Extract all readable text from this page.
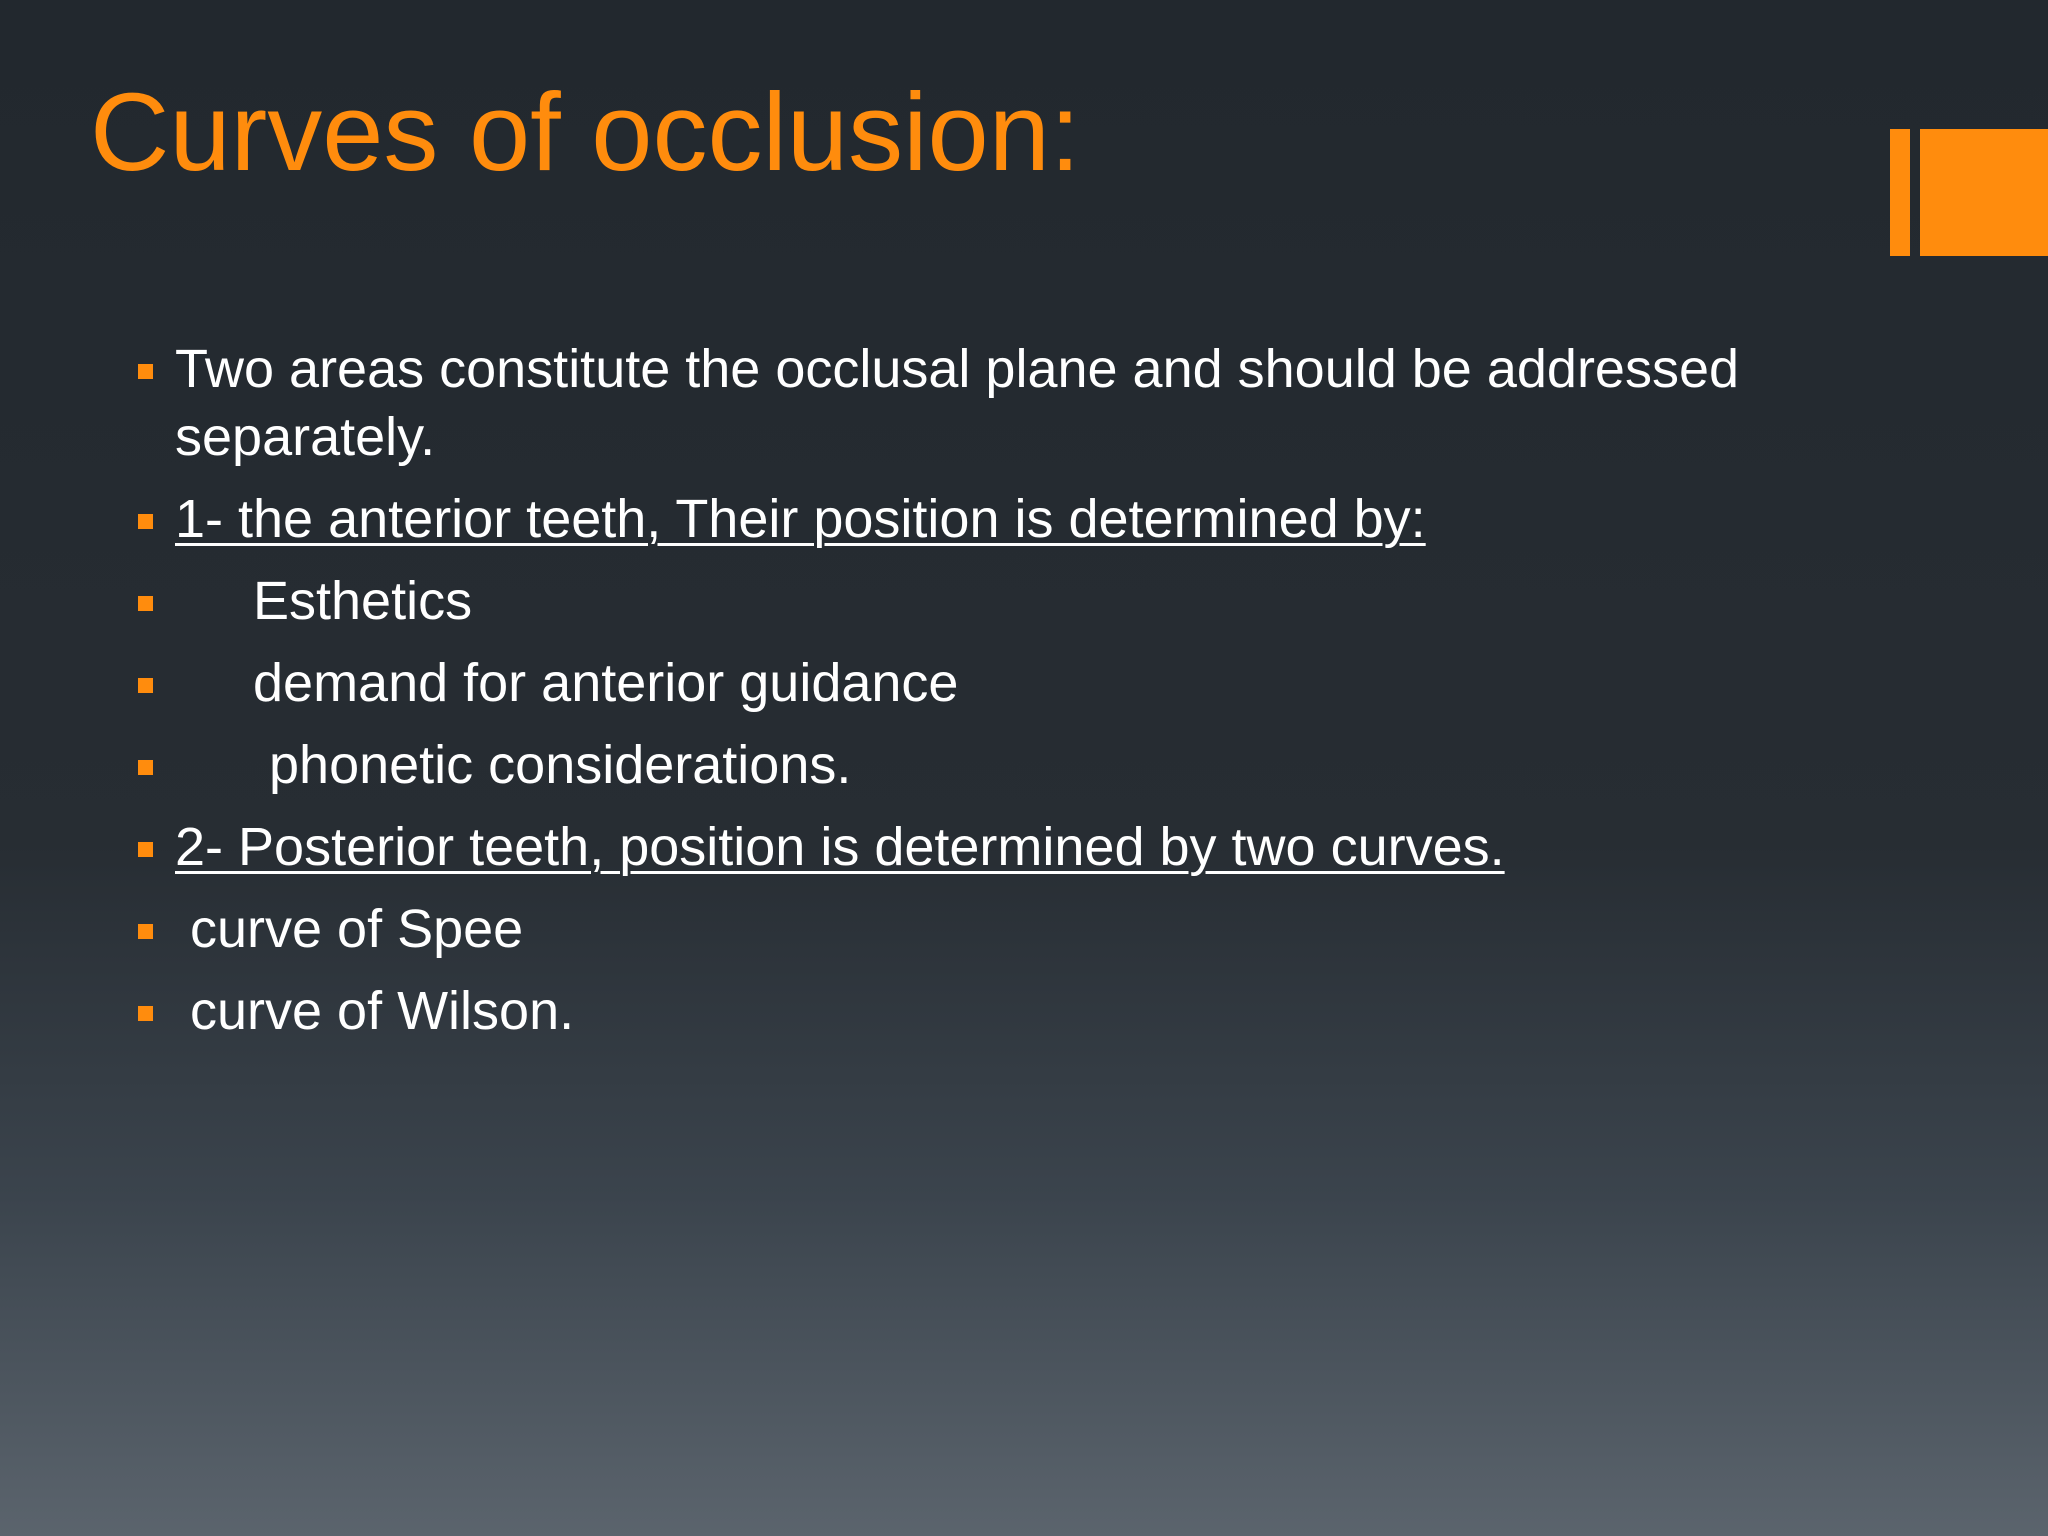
Curves of occlusion:
Two areas constitute the occlusal plane and should be addressed separately.
1- the anterior teeth, Their position is determined by:
Esthetics
demand for anterior guidance
phonetic considerations.
2- Posterior teeth, position is determined by two curves.
curve of Spee
curve of Wilson.
